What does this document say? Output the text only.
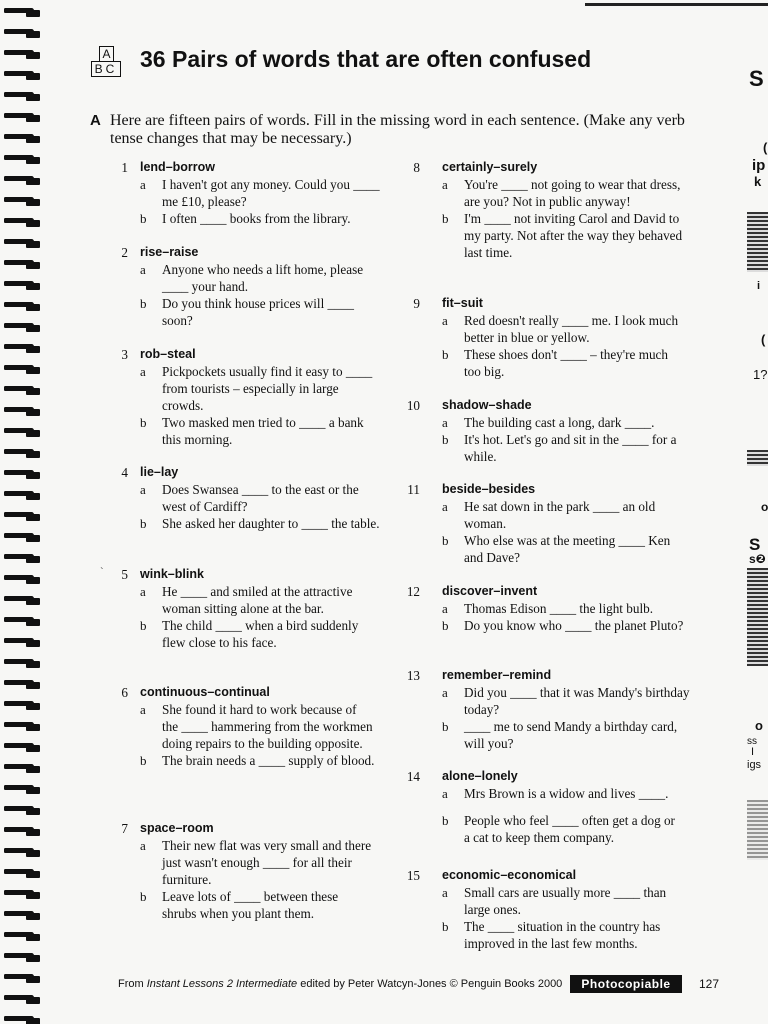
S
(
ip
k
i
(
1?
o
S
s❷
o
ss
I
igs
A
BC 36 Pairs of words that are often confused
A Here are fifteen pairs of words. Fill in the missing word in each sentence. (Make any verb tense changes that may be necessary.)

1 lend–borrow
a I haven't got any money. Could you ____ me £10, please?
b I often ____ books from the library.
2 rise–raise
a Anyone who needs a lift home, please ____ your hand.
b Do you think house prices will ____ soon?
3 rob–steal
a Pickpockets usually find it easy to ____ from tourists – especially in large crowds.
b Two masked men tried to ____ a bank this morning.
4 lie–lay
a Does Swansea ____ to the east or the west of Cardiff?
b She asked her daughter to ____ the table.
5 wink–blink
a He ____ and smiled at the attractive woman sitting alone at the bar.
b The child ____ when a bird suddenly flew close to his face.
ˋ
6 continuous–continual
a She found it hard to work because of the ____ hammering from the workmen doing repairs to the building opposite.
b The brain needs a ____ supply of blood.
7 space–room
a Their new flat was very small and there just wasn't enough ____ for all their furniture.
b Leave lots of ____ between these shrubs when you plant them.
8 certainly–surely
a You're ____ not going to wear that dress, are you? Not in public anyway!
b I'm ____ not inviting Carol and David to my party. Not after the way they behaved last time.
9 fit–suit
a Red doesn't really ____ me. I look much better in blue or yellow.
b These shoes don't ____ – they're much too big.
10 shadow–shade
a The building cast a long, dark ____.
b It's hot. Let's go and sit in the ____ for a while.
11 beside–besides
a He sat down in the park ____ an old woman.
b Who else was at the meeting ____ Ken and Dave?
12 discover–invent
a Thomas Edison ____ the light bulb.
b Do you know who ____ the planet Pluto?
13 remember–remind
a Did you ____ that it was Mandy's birthday today?
b ____ me to send Mandy a birthday card, will you?
14 alone–lonely
a Mrs Brown is a widow and lives ____.
b People who feel ____ often get a dog or a cat to keep them company.
15 economic–economical
a Small cars are usually more ____ than large ones.
b The ____ situation in the country has improved in the last few months.
From Instant Lessons 2 Intermediate edited by Peter Watcyn-Jones © Penguin Books 2000	Photocopiable	127
